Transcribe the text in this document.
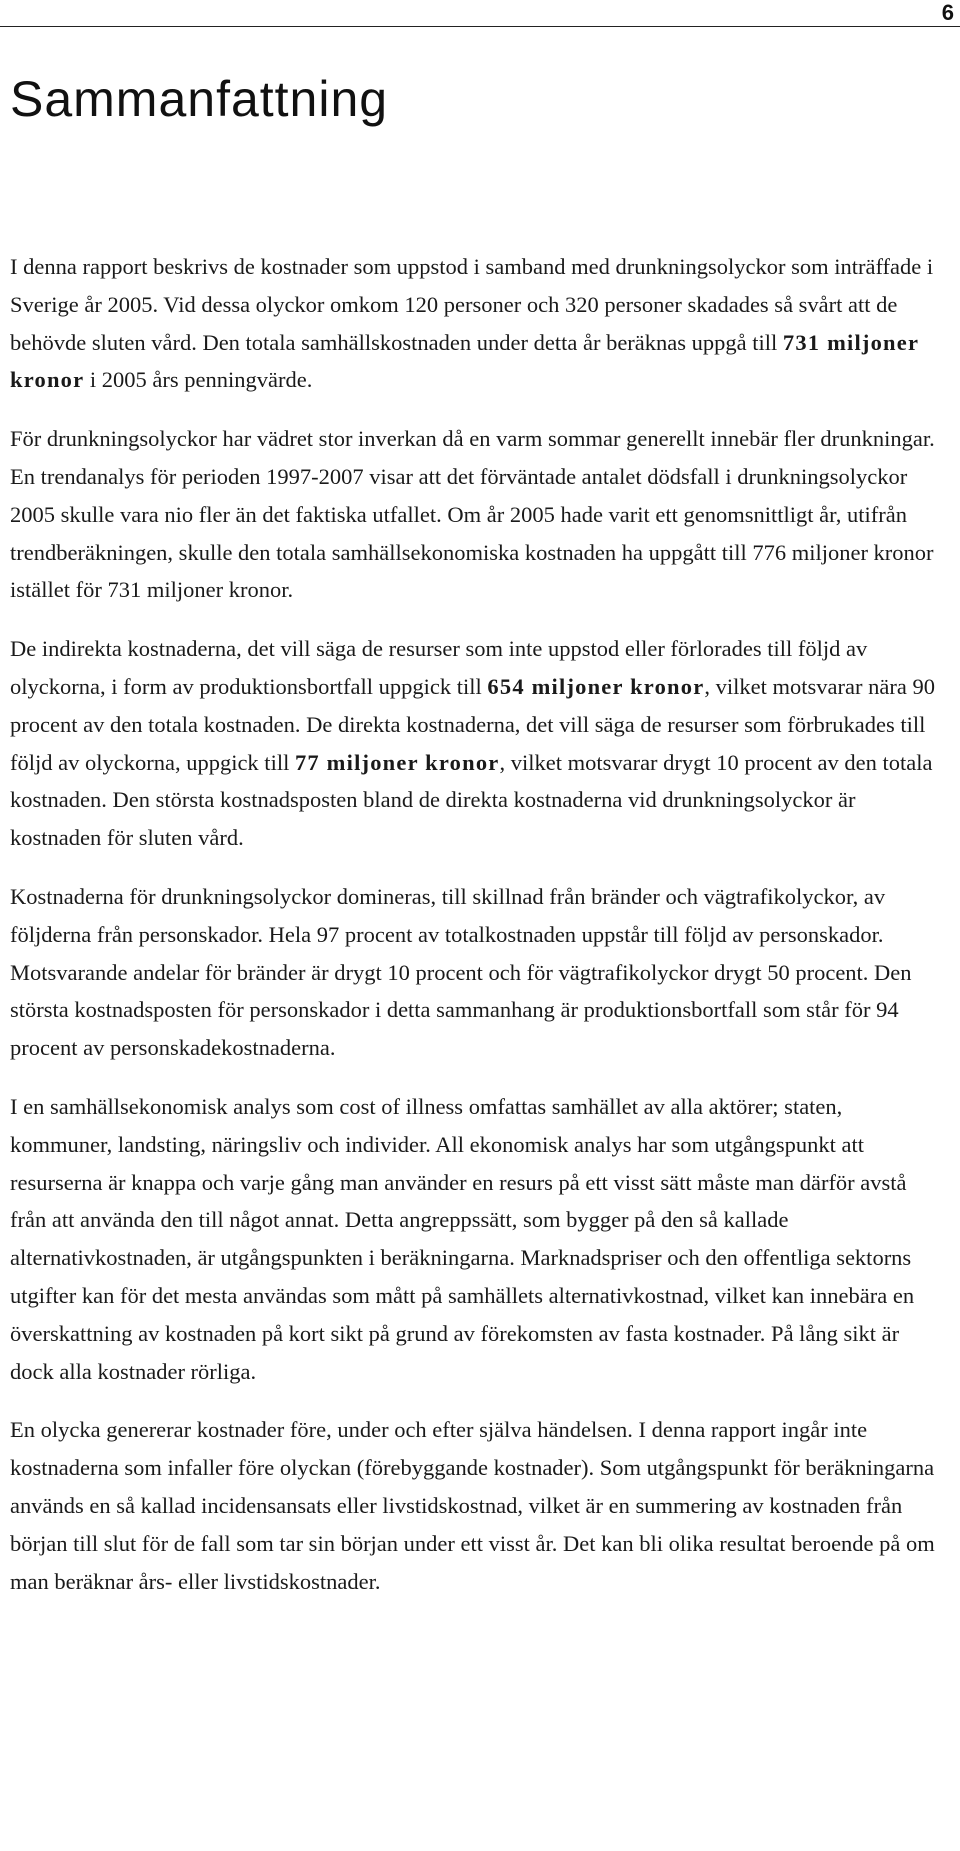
6
Sammanfattning

I denna rapport beskrivs de kostnader som uppstod i samband med drunkningsolyckor som inträffade i Sverige år 2005. Vid dessa olyckor omkom 120 personer och 320 personer skadades så svårt att de behövde sluten vård. Den totala samhällskostnaden under detta år beräknas uppgå till 731 miljoner kronor i 2005 års penningvärde.

För drunkningsolyckor har vädret stor inverkan då en varm sommar generellt innebär fler drunkningar. En trendanalys för perioden 1997-2007 visar att det förväntade antalet dödsfall i drunkningsolyckor 2005 skulle vara nio fler än det faktiska utfallet. Om år 2005 hade varit ett genomsnittligt år, utifrån trendberäkningen, skulle den totala samhällsekonomiska kostnaden ha uppgått till 776 miljoner kronor istället för 731 miljoner kronor.

De indirekta kostnaderna, det vill säga de resurser som inte uppstod eller förlorades till följd av olyckorna, i form av produktionsbortfall uppgick till 654 miljoner kronor, vilket motsvarar nära 90 procent av den totala kostnaden. De direkta kostnaderna, det vill säga de resurser som förbrukades till följd av olyckorna, uppgick till 77 miljoner kronor, vilket motsvarar drygt 10 procent av den totala kostnaden. Den största kostnadsposten bland de direkta kostnaderna vid drunkningsolyckor är kostnaden för sluten vård.

Kostnaderna för drunkningsolyckor domineras, till skillnad från bränder och vägtrafikolyckor, av följderna från personskador. Hela 97 procent av totalkostnaden uppstår till följd av personskador. Motsvarande andelar för bränder är drygt 10 procent och för vägtrafikolyckor drygt 50 procent. Den största kostnadsposten för personskador i detta sammanhang är produktionsbortfall som står för 94 procent av personskadekostnaderna.

I en samhällsekonomisk analys som cost of illness omfattas samhället av alla aktörer; staten, kommuner, landsting, näringsliv och individer. All ekonomisk analys har som utgångspunkt att resurserna är knappa och varje gång man använder en resurs på ett visst sätt måste man därför avstå från att använda den till något annat. Detta angreppssätt, som bygger på den så kallade alternativkostnaden, är utgångspunkten i beräkningarna. Marknadspriser och den offentliga sektorns utgifter kan för det mesta användas som mått på samhällets alternativkostnad, vilket kan innebära en överskattning av kostnaden på kort sikt på grund av förekomsten av fasta kostnader. På lång sikt är dock alla kostnader rörliga.

En olycka genererar kostnader före, under och efter själva händelsen. I denna rapport ingår inte kostnaderna som infaller före olyckan (förebyggande kostnader). Som utgångspunkt för beräkningarna används en så kallad incidensansats eller livstidskostnad, vilket är en summering av kostnaden från början till slut för de fall som tar sin början under ett visst år. Det kan bli olika resultat beroende på om man beräknar års- eller livstidskostnader.
